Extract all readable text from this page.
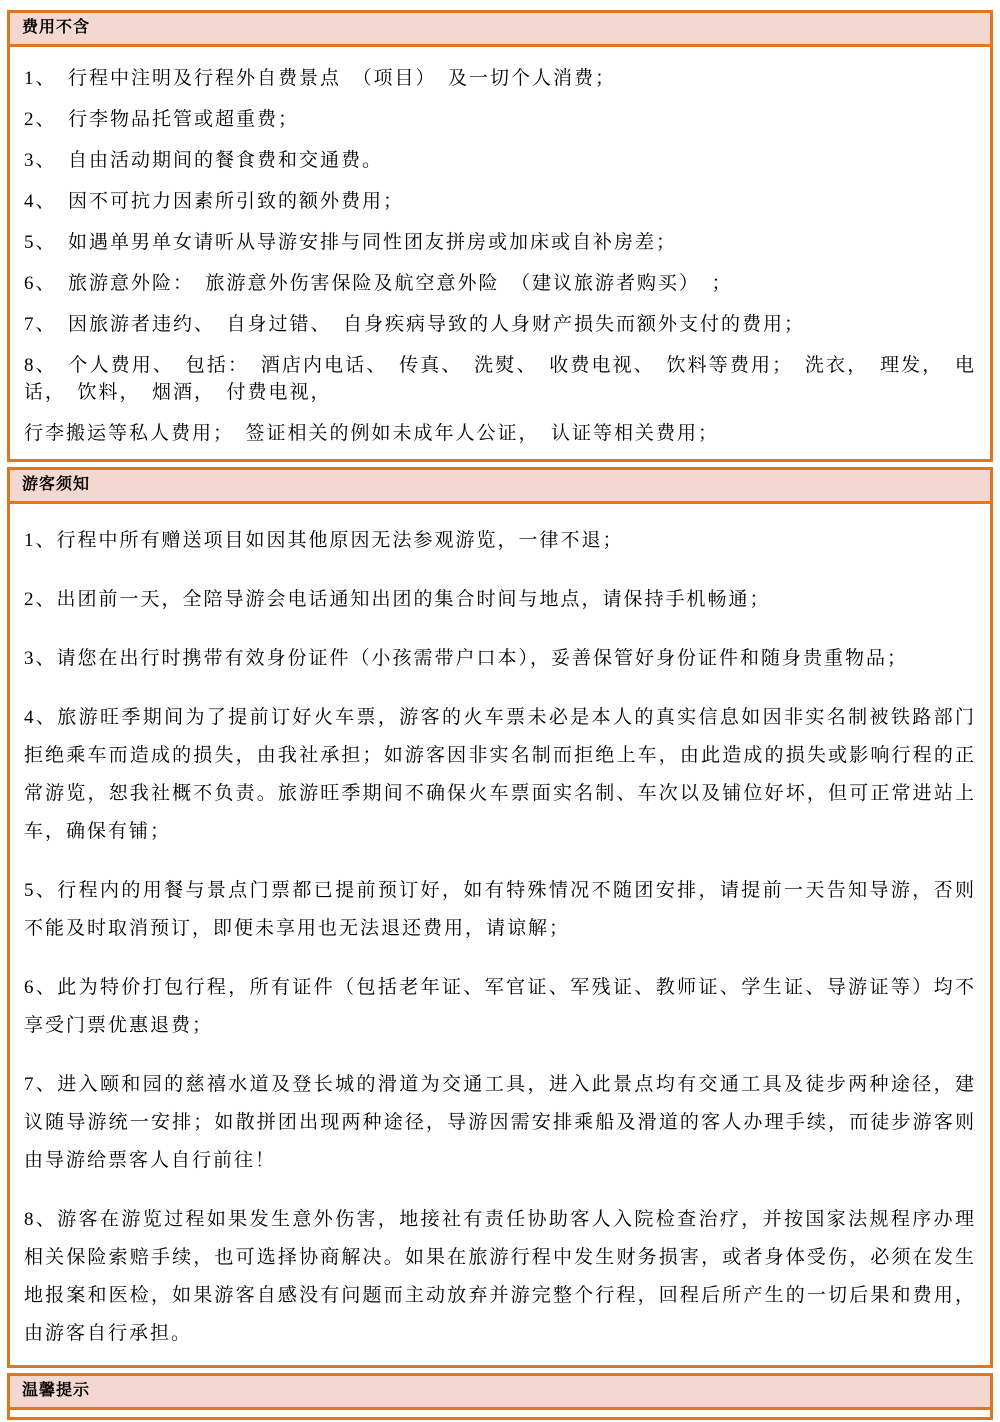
费用不含

1、　行程中注明及行程外自费景点　（项目）　及一切个人消费；

2、　行李物品托管或超重费；

3、　自由活动期间的餐食费和交通费。

4、　因不可抗力因素所引致的额外费用；

5、　如遇单男单女请听从导游安排与同性团友拼房或加床或自补房差；

6、　旅游意外险：　旅游意外伤害保险及航空意外险　（建议旅游者购买）　；

7、　因旅游者违约、　自身过错、　自身疾病导致的人身财产损失而额外支付的费用；

8、　个人费用、　包括：　酒店内电话、　传真、　洗熨、　收费电视、　饮料等费用；　洗衣，　理发，　电话，　饮料，　烟酒，　付费电视，

行李搬运等私人费用；　签证相关的例如未成年人公证，　认证等相关费用；

游客须知

1、行程中所有赠送项目如因其他原因无法参观游览，一律不退；

2、出团前一天，全陪导游会电话通知出团的集合时间与地点，请保持手机畅通；

3、请您在出行时携带有效身份证件（小孩需带户口本），妥善保管好身份证件和随身贵重物品；

4、旅游旺季期间为了提前订好火车票，游客的火车票未必是本人的真实信息如因非实名制被铁路部门拒绝乘车而造成的损失，由我社承担；如游客因非实名制而拒绝上车，由此造成的损失或影响行程的正常游览，恕我社概不负责。旅游旺季期间不确保火车票面实名制、车次以及铺位好坏，但可正常进站上车，确保有铺；

5、行程内的用餐与景点门票都已提前预订好，如有特殊情况不随团安排，请提前一天告知导游，否则不能及时取消预订，即便未享用也无法退还费用，请谅解；

6、此为特价打包行程，所有证件（包括老年证、军官证、军残证、教师证、学生证、导游证等）均不享受门票优惠退费；

7、进入颐和园的慈禧水道及登长城的滑道为交通工具，进入此景点均有交通工具及徒步两种途径，建议随导游统一安排；如散拼团出现两种途径，导游因需安排乘船及滑道的客人办理手续，而徒步游客则由导游给票客人自行前往！

8、游客在游览过程如果发生意外伤害，地接社有责任协助客人入院检查治疗，并按国家法规程序办理相关保险索赔手续，也可选择协商解决。如果在旅游行程中发生财务损害，或者身体受伤，必须在发生地报案和医检，如果游客自感没有问题而主动放弃并游完整个行程，回程后所产生的一切后果和费用，由游客自行承担。

温馨提示
